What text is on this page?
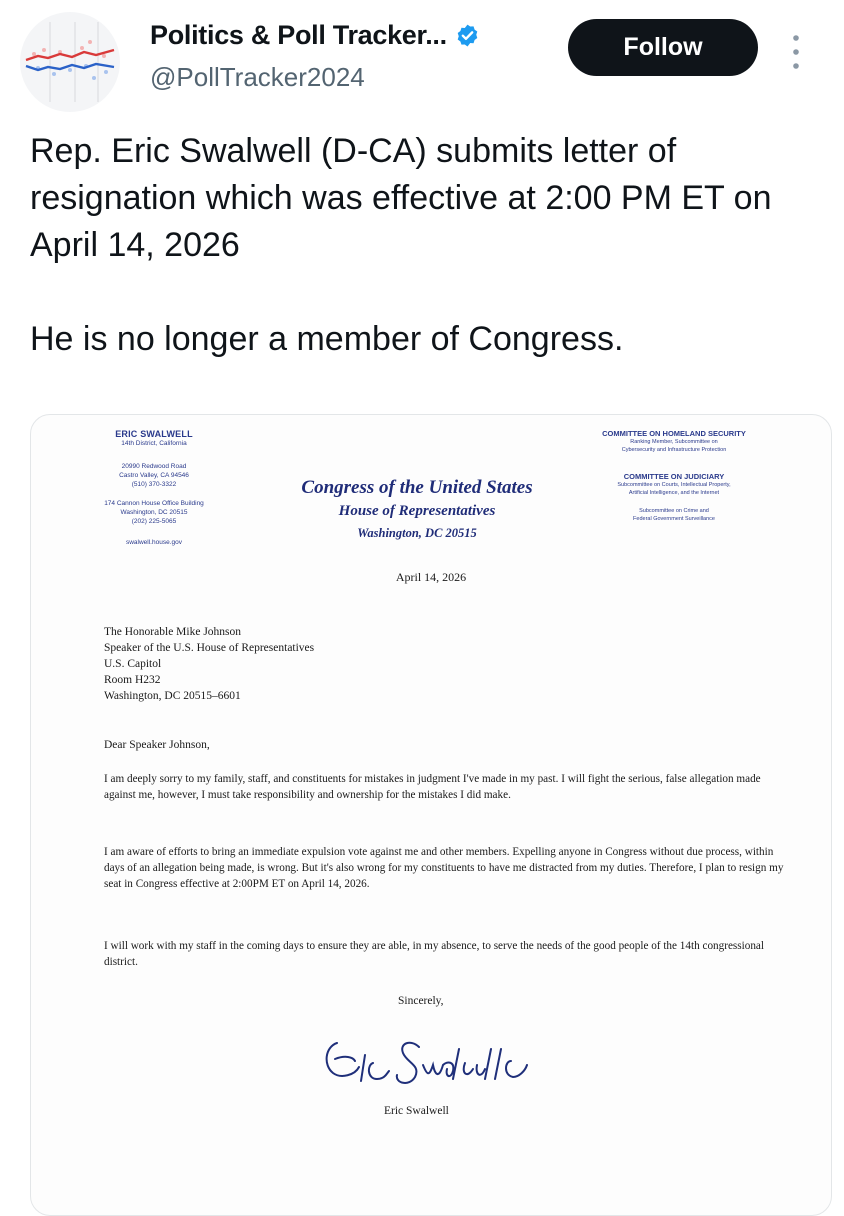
Politics & Poll Tracker...
@PollTracker2024
Follow

Rep. Eric Swalwell (D-CA) submits letter of resignation which was effective at 2:00 PM ET on April 14, 2026

He is no longer a member of Congress.

ERIC SWALWELL
14th District, California
20990 Redwood Road
Castro Valley, CA 94546
(510) 370-3322
174 Cannon House Office Building
Washington, DC 20515
(202) 225-5065
swalwell.house.gov
COMMITTEE ON HOMELAND SECURITY
Ranking Member, Subcommittee on
Cybersecurity and Infrastructure Protection
COMMITTEE ON JUDICIARY
Subcommittee on Courts, Intellectual Property,
Artificial Intelligence, and the Internet
Subcommittee on Crime and
Federal Government Surveillance
Congress of the United States
House of Representatives
Washington, DC 20515
April 14, 2026
The Honorable Mike Johnson
Speaker of the U.S. House of Representatives
U.S. Capitol
Room H232
Washington, DC 20515–6601
Dear Speaker Johnson,

I am deeply sorry to my family, staff, and constituents for mistakes in judgment I've made in my past. I will fight the serious, false allegation made against me, however, I must take responsibility and ownership for the mistakes I did make.

I am aware of efforts to bring an immediate expulsion vote against me and other members. Expelling anyone in Congress without due process, within days of an allegation being made, is wrong. But it's also wrong for my constituents to have me distracted from my duties. Therefore, I plan to resign my seat in Congress effective at 2:00PM ET on April 14, 2026.

I will work with my staff in the coming days to ensure they are able, in my absence, to serve the needs of the good people of the 14th congressional district.

Sincerely,
Eric Swalwell
